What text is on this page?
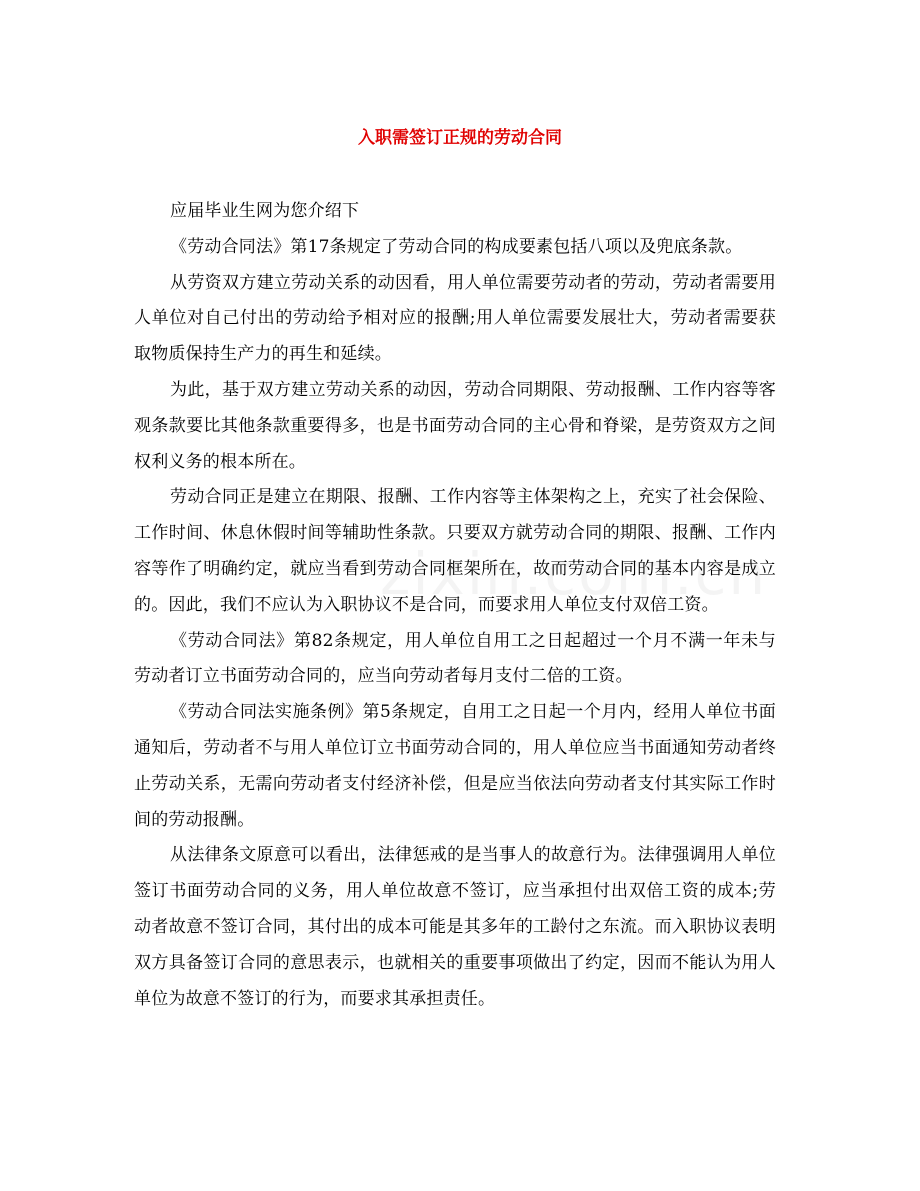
入职需签订正规的劳动合同

应届毕业生网为您介绍下

《劳动合同法》第17条规定了劳动合同的构成要素包括八项以及兜底条款。

从劳资双方建立劳动关系的动因看，用人单位需要劳动者的劳动，劳动者需要用人单位对自己付出的劳动给予相对应的报酬;用人单位需要发展壮大，劳动者需要获取物质保持生产力的再生和延续。

为此，基于双方建立劳动关系的动因，劳动合同期限、劳动报酬、工作内容等客观条款要比其他条款重要得多，也是书面劳动合同的主心骨和脊梁，是劳资双方之间权利义务的根本所在。

劳动合同正是建立在期限、报酬、工作内容等主体架构之上，充实了社会保险、工作时间、休息休假时间等辅助性条款。只要双方就劳动合同的期限、报酬、工作内容等作了明确约定，就应当看到劳动合同框架所在，故而劳动合同的基本内容是成立的。因此，我们不应认为入职协议不是合同，而要求用人单位支付双倍工资。

《劳动合同法》第82条规定，用人单位自用工之日起超过一个月不满一年未与劳动者订立书面劳动合同的，应当向劳动者每月支付二倍的工资。

《劳动合同法实施条例》第5条规定，自用工之日起一个月内，经用人单位书面通知后，劳动者不与用人单位订立书面劳动合同的，用人单位应当书面通知劳动者终止劳动关系，无需向劳动者支付经济补偿，但是应当依法向劳动者支付其实际工作时间的劳动报酬。

从法律条文原意可以看出，法律惩戒的是当事人的故意行为。法律强调用人单位签订书面劳动合同的义务，用人单位故意不签订，应当承担付出双倍工资的成本;劳动者故意不签订合同，其付出的成本可能是其多年的工龄付之东流。而入职协议表明双方具备签订合同的意思表示，也就相关的重要事项做出了约定，因而不能认为用人单位为故意不签订的行为，而要求其承担责任。
